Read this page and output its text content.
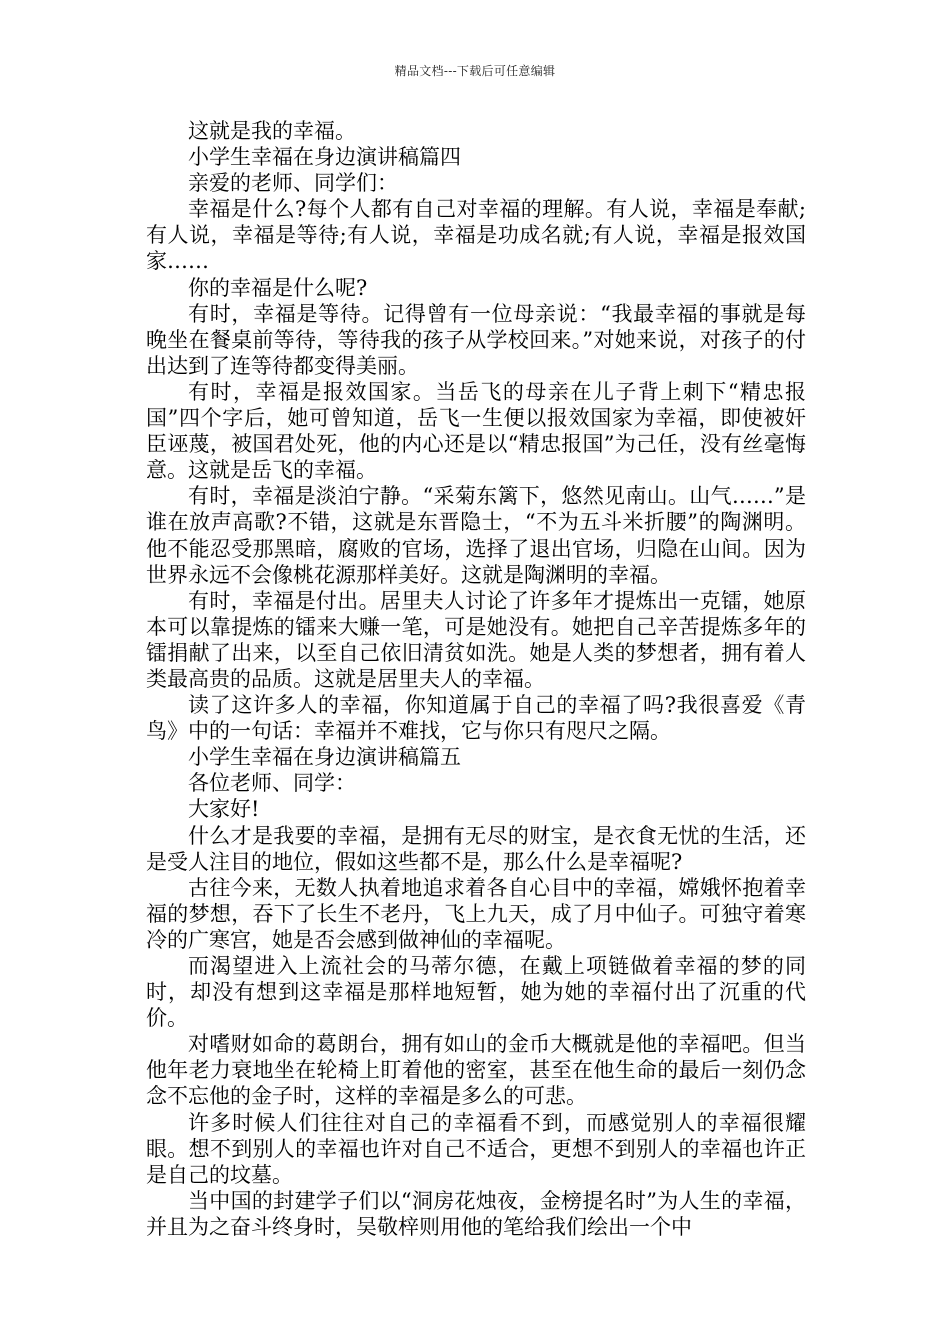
精品文档---下载后可任意编辑

这就是我的幸福。

小学生幸福在身边演讲稿篇四

亲爱的老师、同学们：

幸福是什么?每个人都有自己对幸福的理解。有人说，幸福是奉献;有人说，幸福是等待;有人说，幸福是功成名就;有人说，幸福是报效国家……

你的幸福是什么呢?

有时，幸福是等待。记得曾有一位母亲说：“我最幸福的事就是每晚坐在餐桌前等待，等待我的孩子从学校回来。”对她来说，对孩子的付出达到了连等待都变得美丽。

有时，幸福是报效国家。当岳飞的母亲在儿子背上刺下“精忠报国”四个字后，她可曾知道，岳飞一生便以报效国家为幸福，即使被奸臣诬蔑，被国君处死，他的内心还是以“精忠报国”为己任，没有丝毫悔意。这就是岳飞的幸福。

有时，幸福是淡泊宁静。“采菊东篱下，悠然见南山。山气……”是谁在放声高歌?不错，这就是东晋隐士，“不为五斗米折腰”的陶渊明。他不能忍受那黑暗，腐败的官场，选择了退出官场，归隐在山间。因为世界永远不会像桃花源那样美好。这就是陶渊明的幸福。

有时，幸福是付出。居里夫人讨论了许多年才提炼出一克镭，她原本可以靠提炼的镭来大赚一笔，可是她没有。她把自己辛苦提炼多年的镭捐献了出来，以至自己依旧清贫如洗。她是人类的梦想者，拥有着人类最高贵的品质。这就是居里夫人的幸福。

读了这许多人的幸福，你知道属于自己的幸福了吗?我很喜爱《青鸟》中的一句话：幸福并不难找，它与你只有咫尺之隔。

小学生幸福在身边演讲稿篇五

各位老师、同学：

大家好!

什么才是我要的幸福，是拥有无尽的财宝，是衣食无忧的生活，还是受人注目的地位，假如这些都不是，那么什么是幸福呢?

古往今来，无数人执着地追求着各自心目中的幸福，嫦娥怀抱着幸福的梦想，吞下了长生不老丹，飞上九天，成了月中仙子。可独守着寒冷的广寒宫，她是否会感到做神仙的幸福呢。

而渴望进入上流社会的马蒂尔德，在戴上项链做着幸福的梦的同时，却没有想到这幸福是那样地短暂，她为她的幸福付出了沉重的代价。

对嗜财如命的葛朗台，拥有如山的金币大概就是他的幸福吧。但当他年老力衰地坐在轮椅上盯着他的密室，甚至在他生命的最后一刻仍念念不忘他的金子时，这样的幸福是多么的可悲。

许多时候人们往往对自己的幸福看不到，而感觉别人的幸福很耀眼。想不到别人的幸福也许对自己不适合，更想不到别人的幸福也许正是自己的坟墓。

当中国的封建学子们以“洞房花烛夜，金榜提名时”为人生的幸福，并且为之奋斗终身时，吴敬梓则用他的笔给我们绘出一个中
